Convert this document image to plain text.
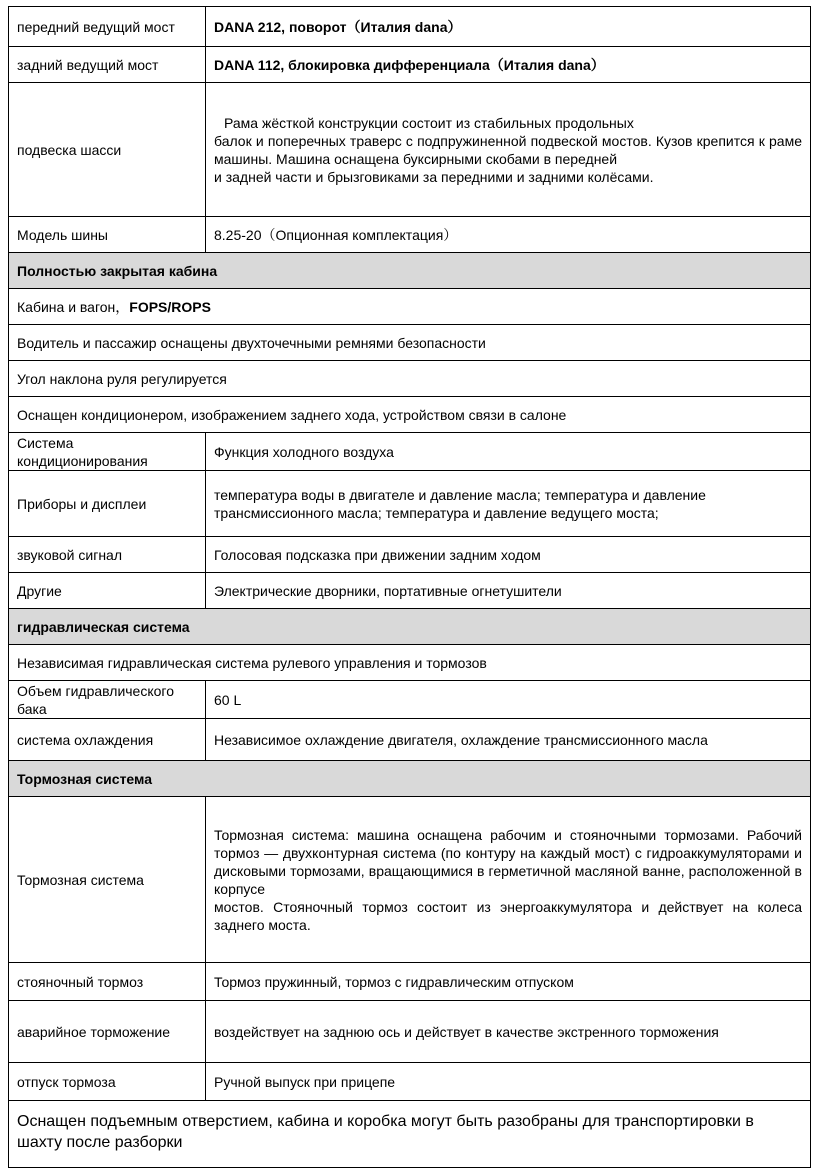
передний ведущий мост	DANA 212, поворот（Италия dana）
задний ведущий мост	DANA 112, блокировка дифференциала（Италия dana）
подвеска шасси	Рама жёсткой конструкции состоит из стабильных продольных
балок и поперечных траверс с подпружиненной подвеской мостов. Кузов крепится к раме машины. Машина оснащена буксирными скобами в передней
и задней части и брызговиками за передними и задними колёсами.

Модель шины	8.25-20（Опционная комплектация）
Полностью закрытая кабина	
Кабина и вагон，FOPS/ROPS	
Водитель и пассажир оснащены двухточечными ремнями безопасности	
Угол наклона руля регулируется	
Оснащен кондиционером, изображением заднего хода, устройством связи в салоне	
Система кондиционирования	Функция холодного воздуха
Приборы и дисплеи	температура воды в двигателе и давление масла; температура и давление трансмиссионного масла; температура и давление ведущего моста;
звуковой сигнал	Голосовая подсказка при движении задним ходом
Другие	Электрические дворники, портативные огнетушители
гидравлическая система	
Независимая гидравлическая система рулевого управления и тормозов	
Объем гидравлического бака	60 L
система охлаждения	Независимое охлаждение двигателя, охлаждение трансмиссионного масла
Тормозная система	
Тормозная система	Тормозная система: машина оснащена рабочим и стояночными тормозами. Рабочий тормоз — двухконтурная система (по контуру на каждый мост) с гидроаккумуляторами и дисковыми тормозами, вращающимися в герметичной масляной ванне, расположенной в корпусе
мостов. Стояночный тормоз состоит из энергоаккумулятора и действует на колеса заднего моста.

стояночный тормоз	Тормоз пружинный, тормоз с гидравлическим отпуском
аварийное торможение	воздействует на заднюю ось и действует в качестве экстренного торможения
отпуск тормоза	Ручной выпуск при прицепе
Оснащен подъемным отверстием, кабина и коробка могут быть разобраны для транспортировки в шахту после разборки	
